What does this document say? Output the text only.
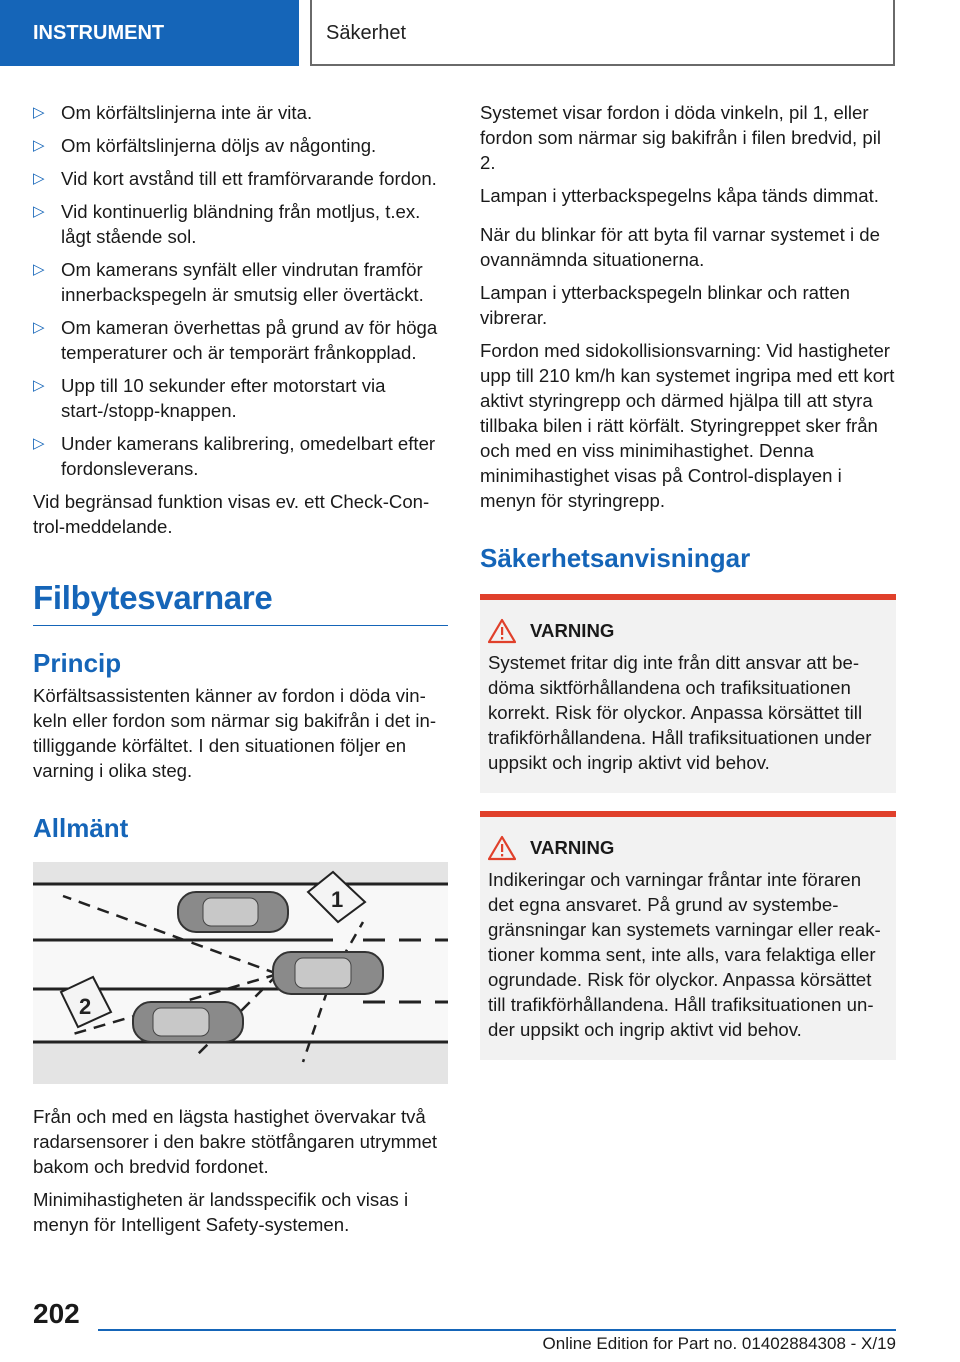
INSTRUMENT	Säkerhet
▷ Om körfältslinjerna inte är vita.
▷ Om körfältslinjerna döljs av någonting.
▷ Vid kort avstånd till ett framförvarande fordon.
▷ Vid kontinuerlig bländning från motljus, t.ex. lågt stående sol.
▷ Om kamerans synfält eller vindrutan framför innerbackspegeln är smutsig eller övertäckt.
▷ Om kameran överhettas på grund av för höga temperaturer och är temporärt frånkopplad.
▷ Upp till 10 sekunder efter motorstart via start-/stopp-knappen.
▷ Under kamerans kalibrering, omedelbart efter fordonsleverans.

Vid begränsad funktion visas ev. ett Check-Control-meddelande.

Filbytesvarnare
Princip

Körfältsassistenten känner av fordon i döda vinkeln eller fordon som närmar sig bakifrån i det intilliggande körfältet. I den situationen följer en varning i olika steg.

Allmänt
1
2

Från och med en lägsta hastighet övervakar två radarsensorer i den bakre stötfångaren utrymmet bakom och bredvid fordonet.

Minimihastigheten är landsspecifik och visas i menyn för Intelligent Safety-systemen.

Systemet visar fordon i döda vinkeln, pil 1, eller fordon som närmar sig bakifrån i filen bredvid, pil 2.

Lampan i ytterbackspegelns kåpa tänds dimmat.

När du blinkar för att byta fil varnar systemet i de ovannämnda situationerna.

Lampan i ytterbackspegeln blinkar och ratten vibrerar.

Fordon med sidokollisionsvarning: Vid hastigheter upp till 210 km/h kan systemet ingripa med ett kort aktivt styringrepp och därmed hjälpa till att styra tillbaka bilen i rätt körfält. Styringreppet sker från och med en viss minimihastighet. Denna minimihastighet visas på Control-displayen i menyn för styringrepp.

Säkerhetsanvisningar
VARNING

Systemet fritar dig inte från ditt ansvar att bedöma siktförhållandena och trafiksituationen korrekt. Risk för olyckor. Anpassa körsättet till trafikförhållandena. Håll trafiksituationen under uppsikt och ingrip aktivt vid behov.

VARNING

Indikeringar och varningar fråntar inte föraren det egna ansvaret. På grund av systembegränsningar kan systemets varningar eller reaktioner komma sent, inte alls, vara felaktiga eller ogrundade. Risk för olyckor. Anpassa körsättet till trafikförhållandena. Håll trafiksituationen under uppsikt och ingrip aktivt vid behov.

202
Online Edition for Part no. 01402884308 - X/19
